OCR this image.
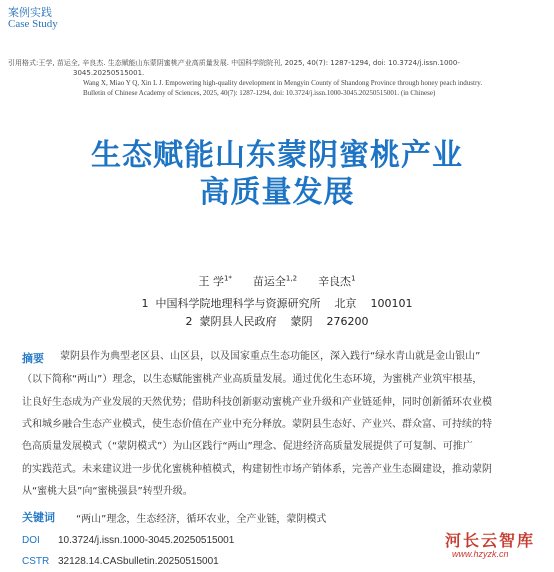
案例实践
Case Study
引用格式:王学, 苗运全, 辛良杰. 生态赋能山东蒙阴蜜桃产业高质量发展. 中国科学院院刊, 2025, 40(7): 1287-1294, doi: 10.3724/j.issn.1000-
3045.20250515001.
Wang X, Miao Y Q, Xin L J. Empowering high-quality development in Mengyin County of Shandong Province through honey peach industry.
Bulletin of Chinese Academy of Sciences, 2025, 40(7): 1287-1294, doi: 10.3724/j.issn.1000-3045.20250515001. (in Chinese)
生态赋能山东蒙阴蜜桃产业
高质量发展
王 学$^{1*}$ 苗运全$^{1,2}$ 辛良杰$^1$
1  中国科学院地理科学与资源研究所    北京    100101
2  蒙阴县人民政府    蒙阴    276200
摘要 蒙阴县作为典型老区县、山区县，以及国家重点生态功能区，深入践行“绿水青山就是金山银山”
（以下简称“两山”）理念，以生态赋能蜜桃产业高质量发展。通过优化生态环境，为蜜桃产业筑牢根基，
让良好生态成为产业发展的天然优势；借助科技创新驱动蜜桃产业升级和产业链延伸，同时创新循环农业模
式和城乡融合生态产业模式，使生态价值在产业中充分释放。蒙阴县生态好、产业兴、群众富、可持续的特
色高质量发展模式（“蒙阴模式”）为山区践行“两山”理念、促进经济高质量发展提供了可复制、可推广
的实践范式。未来建议进一步优化蜜桃种植模式，构建韧性市场产销体系，完善产业生态圈建设，推动蒙阴
从“蜜桃大县”向“蜜桃强县”转型升级。
关键词 “两山”理念，生态经济，循环农业，全产业链，蒙阴模式
DOI 10.3724/j.issn.1000-3045.20250515001
CSTR 32128.14.CASbulletin.20250515001
河长云智库
www.hzyzk.cn
